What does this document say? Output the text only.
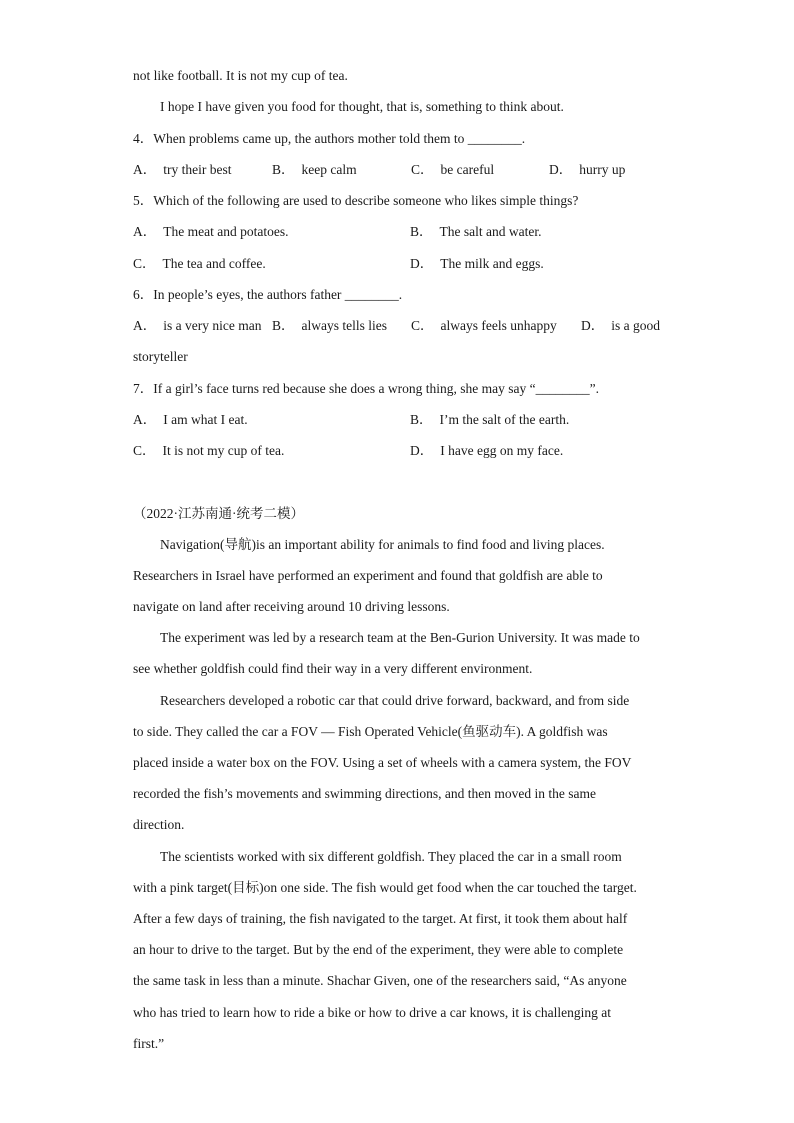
not like football. It is not my cup of tea.
I hope I have given you food for thought, that is, something to think about.
4．When problems came up, the authors mother told them to ________.
A． try their best	B． keep calm	C． be careful	D． hurry up
5．Which of the following are used to describe someone who likes simple things?
A． The meat and potatoes.	B． The salt and water.
C． The tea and coffee.	D． The milk and eggs.
6．In people’s eyes, the authors father ________.
A． is a very nice man B． always tells lies C． always feels unhappy D． is a good
storyteller
7．If a girl’s face turns red because she does a wrong thing, she may say “________”.
A． I am what I eat.	B． I’m the salt of the earth.
C． It is not my cup of tea.	D． I have egg on my face.
（2022·江苏南通·统考二模）
Navigation(导航)is an important ability for animals to find food and living places.
Researchers in Israel have performed an experiment and found that goldfish are able to
navigate on land after receiving around 10 driving lessons.
The experiment was led by a research team at the Ben-Gurion University. It was made to
see whether goldfish could find their way in a very different environment.
Researchers developed a robotic car that could drive forward, backward, and from side
to side. They called the car a FOV — Fish Operated Vehicle(鱼驱动车). A goldfish was
placed inside a water box on the FOV. Using a set of wheels with a camera system, the FOV
recorded the fish’s movements and swimming directions, and then moved in the same
direction.
The scientists worked with six different goldfish. They placed the car in a small room
with a pink target(目标)on one side. The fish would get food when the car touched the target.
After a few days of training, the fish navigated to the target. At first, it took them about half
an hour to drive to the target. But by the end of the experiment, they were able to complete
the same task in less than a minute. Shachar Given, one of the researchers said, “As anyone
who has tried to learn how to ride a bike or how to drive a car knows, it is challenging at
first.”
